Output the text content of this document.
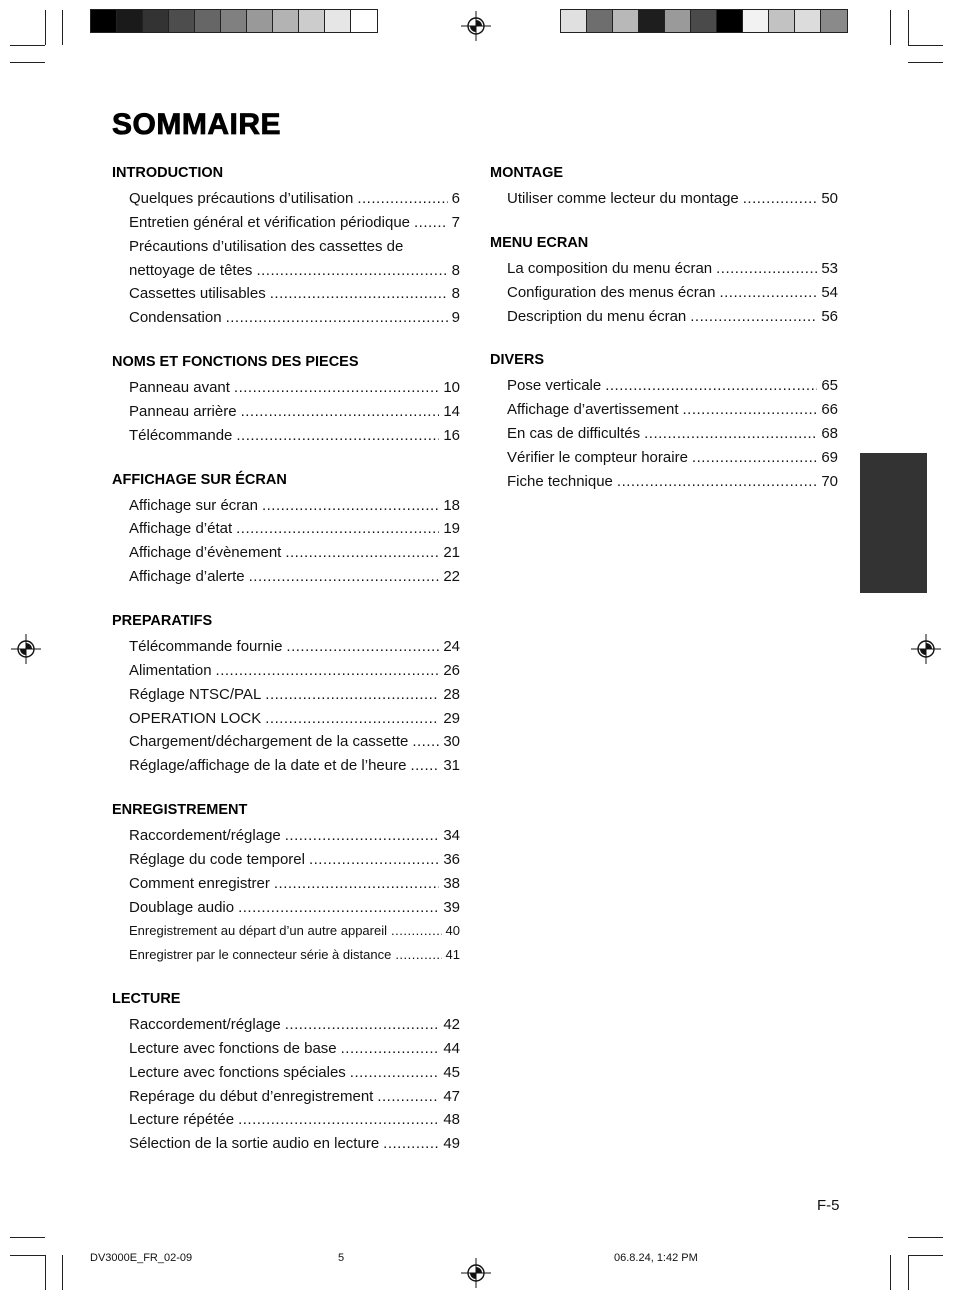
SOMMAIRE
INTRODUCTION
Quelques précautions d’utilisation .....	6
Entretien général et vérification périodique .....	7
Précautions d’utilisation des cassettes de
nettoyage de têtes .....	8
Cassettes utilisables .....	8
Condensation .....	9
NOMS ET FONCTIONS DES PIECES
Panneau avant .....	10
Panneau arrière .....	14
Télécommande .....	16
AFFICHAGE SUR ÉCRAN
Affichage sur écran .....	18
Affichage d’état .....	19
Affichage d’évènement .....	21
Affichage d’alerte .....	22
PREPARATIFS
Télécommande fournie .....	24
Alimentation .....	26
Réglage NTSC/PAL .....	28
OPERATION LOCK .....	29
Chargement/déchargement de la cassette ..... 30
Réglage/affichage de la date et de l’heure ..... 31
ENREGISTREMENT
Raccordement/réglage .....	34
Réglage du code temporel .....	36
Comment enregistrer .....	38
Doublage audio .....	39
Enregistrement au départ d’un autre appareil .....	40
Enregistrer par le connecteur série à distance .....	41
LECTURE
Raccordement/réglage .....	42
Lecture avec fonctions de base .....	44
Lecture avec fonctions spéciales .....	45
Repérage du début d’enregistrement .....	47
Lecture répétée .....	48
Sélection de la sortie audio en lecture .....	49
MONTAGE
Utiliser comme lecteur du montage .....	50
MENU ECRAN
La composition du menu écran .....	53
Configuration des menus écran .....	54
Description du menu écran .....	56
DIVERS
Pose verticale .....	65
Affichage d’avertissement .....	66
En cas de difficultés .....	68
Vérifier le compteur horaire .....	69
Fiche technique .....	70
F-5
DV3000E_FR_02-09	5	06.8.24, 1:42 PM
